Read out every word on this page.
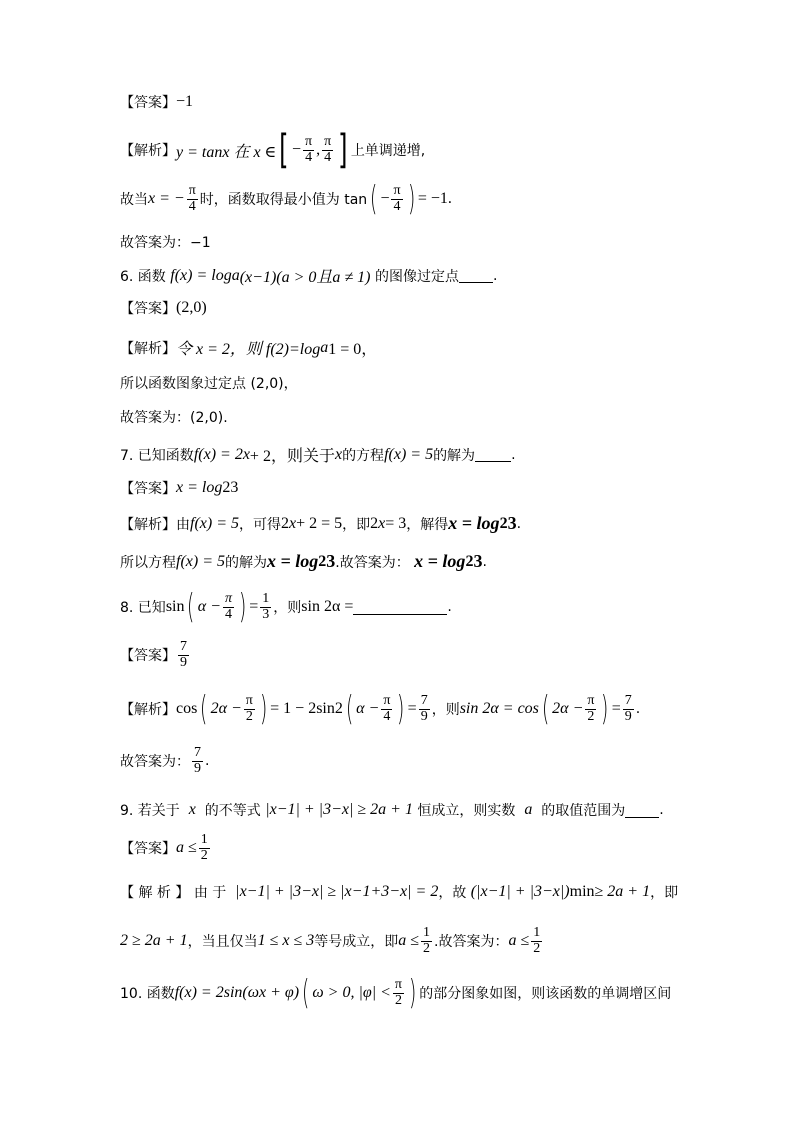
【答案】 −1
【解析】 y = tanx 在 x ∈ [ − $\frac{\pi}{4}$ , $\frac{\pi}{4}$ ] 上单调递增,
故当 x = − $\frac{\pi}{4}$ 时，函数取得最小值为 tan ( − $\frac{\pi}{4}$ ) = −1.
故答案为：−1
6. 函数
f(x) = log a (x−1)(a > 0且a ≠ 1)
的图像过定点 .
【答案】 (2,0)
【解析】 令 x = 2，则 f(2)=log a 1 = 0，
所以函数图象过定点 (2,0)，
故答案为：(2,0).
7. 已知函数 f(x) = 2 x + 2，则关于 x 的方程 f(x) = 5 的解为	.
【答案】 x = log 2 3
【解析】 由 f(x) = 5 ，可得 2 x + 2 = 5 ，即 2 x = 3 ，解得 x = log 2 3 .
所以方程 f(x) = 5 的解为 x = log 2 3 .故答案为：
x = log 2 3 .
8. 已知 sin ( $\alpha - \frac{\pi}{4}$ ) = $\frac{1}{3}$ ，则 sin 2α =	.
【答案】 $\frac{7}{9}$
【解析】 cos ( $2\alpha - \frac{\pi}{2}$ ) = 1 − 2sin 2 ( $\alpha - \frac{\pi}{4}$ ) = $\frac{7}{9}$ ，则 sin 2α = cos ( $2\alpha - \frac{\pi}{2}$ ) = $\frac{7}{9}$ .
故答案为： $\frac{7}{9}$ .
9. 若关于
x
的不等式
|x−1| + |3−x| ≥ 2a + 1
恒成立，则实数
a
的取值范围为 .
【答案】 $a \le \frac{1}{2}$
【 解 析 】
由 于
|x−1| + |3−x| ≥ |x−1+3−x| = 2 ，故
(|x−1| + |3−x|) min ≥ 2a + 1 ，即
2 ≥ 2a + 1 ，当且仅当 1 ≤ x ≤ 3 等号成立，即 $a \le \frac{1}{2}$ .故答案为： $a \le \frac{1}{2}$
10. 函数 f(x) = 2sin(ωx + φ) ( ω > 0, $|\varphi| < \frac{\pi}{2}$ ) 的部分图象如图，则该函数的单调增区间
